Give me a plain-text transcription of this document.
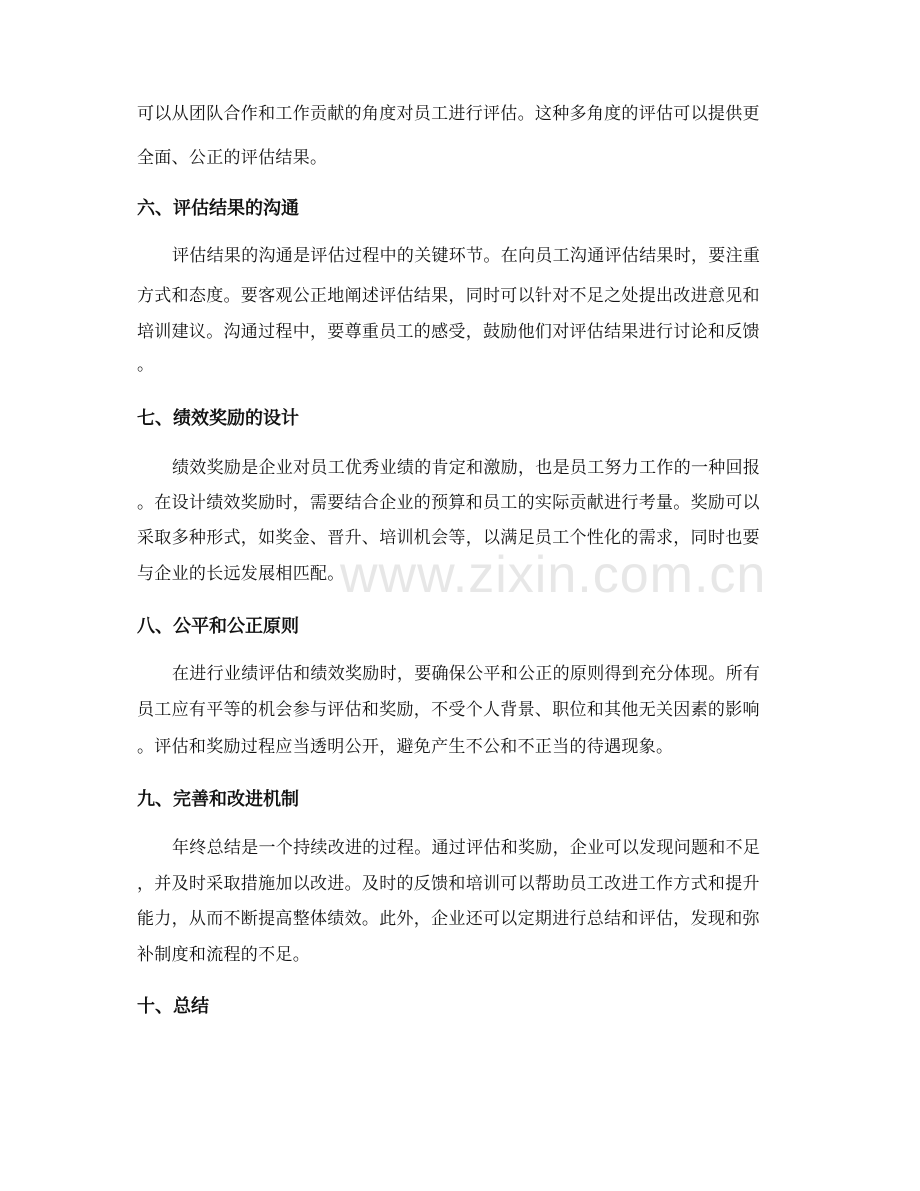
可以从团队合作和工作贡献的角度对员工进行评估。这种多角度的评估可以提供更
全面、公正的评估结果。
六、评估结果的沟通
评估结果的沟通是评估过程中的关键环节。在向员工沟通评估结果时，要注重
方式和态度。要客观公正地阐述评估结果，同时可以针对不足之处提出改进意见和
培训建议。沟通过程中，要尊重员工的感受，鼓励他们对评估结果进行讨论和反馈
。
七、绩效奖励的设计
绩效奖励是企业对员工优秀业绩的肯定和激励，也是员工努力工作的一种回报
。在设计绩效奖励时，需要结合企业的预算和员工的实际贡献进行考量。奖励可以
采取多种形式，如奖金、晋升、培训机会等，以满足员工个性化的需求，同时也要
与企业的长远发展相匹配。
八、公平和公正原则
在进行业绩评估和绩效奖励时，要确保公平和公正的原则得到充分体现。所有
员工应有平等的机会参与评估和奖励，不受个人背景、职位和其他无关因素的影响
。评估和奖励过程应当透明公开，避免产生不公和不正当的待遇现象。
九、完善和改进机制
年终总结是一个持续改进的过程。通过评估和奖励，企业可以发现问题和不足
，并及时采取措施加以改进。及时的反馈和培训可以帮助员工改进工作方式和提升
能力，从而不断提高整体绩效。此外，企业还可以定期进行总结和评估，发现和弥
补制度和流程的不足。
十、总结
www.zixin.com.cn
